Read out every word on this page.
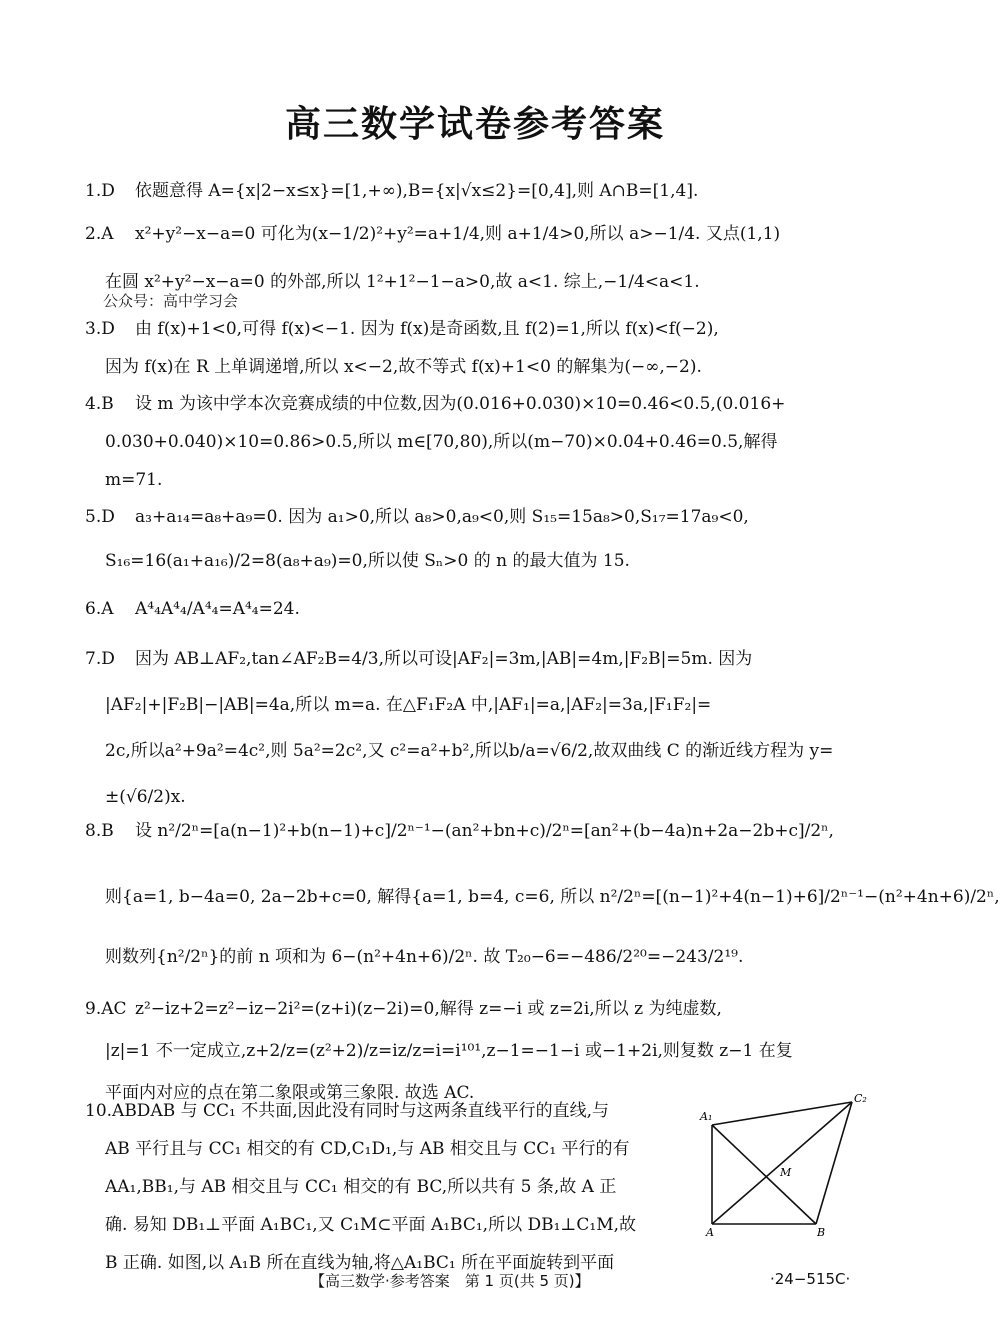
高三数学试卷参考答案
公众号：高中学习会
1.D 依题意得 A={x|2−x≤x}=[1,+∞),B={x|√x≤2}=[0,4],则 A∩B=[1,4].
2.A x²+y²−x−a=0 可化为(x−1/2)²+y²=a+1/4,则 a+1/4>0,所以 a>−1/4. 又点(1,1)
在圆 x²+y²−x−a=0 的外部,所以 1²+1²−1−a>0,故 a<1. 综上,−1/4<a<1.
3.D 由 f(x)+1<0,可得 f(x)<−1. 因为 f(x)是奇函数,且 f(2)=1,所以 f(x)<f(−2),
因为 f(x)在 R 上单调递增,所以 x<−2,故不等式 f(x)+1<0 的解集为(−∞,−2).
4.B 设 m 为该中学本次竞赛成绩的中位数,因为(0.016+0.030)×10=0.46<0.5,(0.016+
0.030+0.040)×10=0.86>0.5,所以 m∈[70,80),所以(m−70)×0.04+0.46=0.5,解得
m=71.
5.D a₃+a₁₄=a₈+a₉=0. 因为 a₁>0,所以 a₈>0,a₉<0,则 S₁₅=15a₈>0,S₁₇=17a₉<0,
S₁₆=16(a₁+a₁₆)/2=8(a₈+a₉)=0,所以使 Sₙ>0 的 n 的最大值为 15.
6.A A⁴₄A⁴₄/A⁴₄=A⁴₄=24.
7.D 因为 AB⊥AF₂,tan∠AF₂B=4/3,所以可设|AF₂|=3m,|AB|=4m,|F₂B|=5m. 因为
|AF₂|+|F₂B|−|AB|=4a,所以 m=a. 在△F₁F₂A 中,|AF₁|=a,|AF₂|=3a,|F₁F₂|=
2c,所以a²+9a²=4c²,则 5a²=2c²,又 c²=a²+b²,所以b/a=√6/2,故双曲线 C 的渐近线方程为 y=
±(√6/2)x.
8.B 设 n²/2ⁿ=[a(n−1)²+b(n−1)+c]/2ⁿ⁻¹−(an²+bn+c)/2ⁿ=[an²+(b−4a)n+2a−2b+c]/2ⁿ,
则{a=1, b−4a=0, 2a−2b+c=0, 解得{a=1, b=4, c=6, 所以 n²/2ⁿ=[(n−1)²+4(n−1)+6]/2ⁿ⁻¹−(n²+4n+6)/2ⁿ,
则数列{n²/2ⁿ}的前 n 项和为 6−(n²+4n+6)/2ⁿ. 故 T₂₀−6=−486/2²⁰=−243/2¹⁹.
9.AC z²−iz+2=z²−iz−2i²=(z+i)(z−2i)=0,解得 z=−i 或 z=2i,所以 z 为纯虚数,
|z|=1 不一定成立,z+2/z=(z²+2)/z=iz/z=i=i¹⁰¹,z−1=−1−i 或−1+2i,则复数 z−1 在复
平面内对应的点在第二象限或第三象限. 故选 AC.
10.ABDAB 与 CC₁ 不共面,因此没有同时与这两条直线平行的直线,与
AB 平行且与 CC₁ 相交的有 CD,C₁D₁,与 AB 相交且与 CC₁ 平行的有
AA₁,BB₁,与 AB 相交且与 CC₁ 相交的有 BC,所以共有 5 条,故 A 正
确. 易知 DB₁⊥平面 A₁BC₁,又 C₁M⊂平面 A₁BC₁,所以 DB₁⊥C₁M,故
B 正确. 如图,以 A₁B 所在直线为轴,将△A₁BC₁ 所在平面旋转到平面
A₁
C₂
M
A	B
【高三数学·参考答案　第 1 页(共 5 页)】	·24−515C·
